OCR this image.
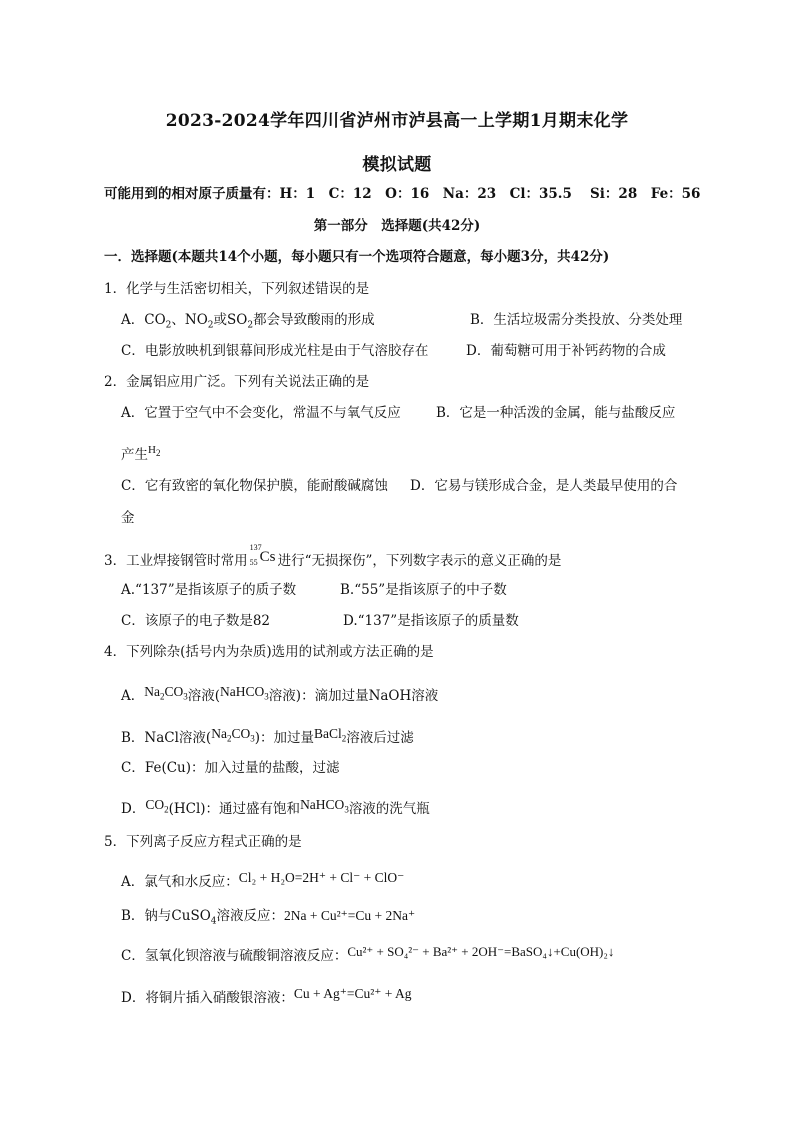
2023-2024学年四川省泸州市泸县高一上学期1月期末化学
模拟试题
可能用到的相对原子质量有：H：1　C：12　O：16　Na：23　Cl：35.5　 Si：28　Fe：56
第一部分　选择题(共42分)
一．选择题(本题共14个小题，每小题只有一个选项符合题意，每小题3分，共42分)
1．化学与生活密切相关，下列叙述错误的是
A．$CO_2$、$NO_2$或$SO_2$都会导致酸雨的形成	B．生活垃圾需分类投放、分类处理
C．电影放映机到银幕间形成光柱是由于气溶胶存在	D．葡萄糖可用于补钙药物的合成
2．金属铝应用广泛。下列有关说法正确的是
A．它置于空气中不会变化，常温不与氧气反应	B．它是一种活泼的金属，能与盐酸反应
产生$^{H_2}$
C．它有致密的氧化物保护膜，能耐酸碱腐蚀 D．它易与镁形成合金，是人类最早使用的合
金
3．工业焊接钢管时常用
137
55 Cs 进行“无损探伤”，下列数字表示的意义正确的是
A.“137”是指该原子的质子数	B.“55”是指该原子的中子数
C．该原子的电子数是82	D.“137”是指该原子的质量数
4．下列除杂(括号内为杂质)选用的试剂或方法正确的是
A．$Na_2CO_3$溶液(NaHCO$_3$溶液)：滴加过量NaOH溶液
B．NaCl溶液$(Na_2CO_3)$：加过量BaCl$_2$溶液后过滤
C．Fe(Cu)：加入过量的盐酸，过滤
D．$CO_2(HCl)$：通过盛有饱和NaHCO$_3$溶液的洗气瓶
5．下列离子反应方程式正确的是
A．氯气和水反应：Cl₂ + H₂O=2H⁺ + Cl⁻ + ClO⁻
B．钠与CuSO$_4$溶液反应：2Na + Cu²⁺=Cu + 2Na⁺
C．氢氧化钡溶液与硫酸铜溶液反应：Cu²⁺ + SO₄²⁻ + Ba²⁺ + 2OH⁻=BaSO₄↓+Cu(OH)₂↓
D．将铜片插入硝酸银溶液：Cu + Ag⁺=Cu²⁺ + Ag
